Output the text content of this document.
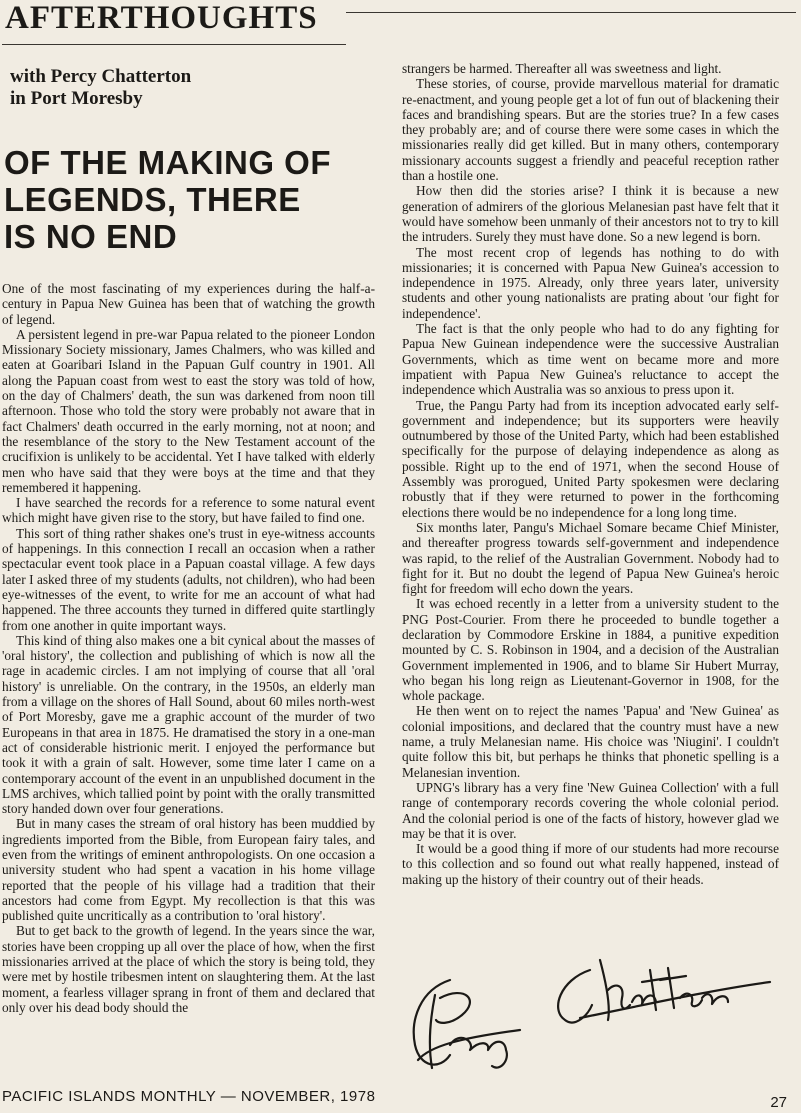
AFTERTHOUGHTS
with Percy Chatterton
in Port Moresby
OF THE MAKING OF
LEGENDS, THERE
IS NO END

One of the most fascinating of my experiences during the half-a-century in Papua New Guinea has been that of watching the growth of legend.

A persistent legend in pre-war Papua related to the pioneer London Missionary Society missionary, James Chalmers, who was killed and eaten at Goaribari Island in the Papuan Gulf country in 1901. All along the Papuan coast from west to east the story was told of how, on the day of Chalmers' death, the sun was darkened from noon till afternoon. Those who told the story were probably not aware that in fact Chalmers' death occurred in the early morning, not at noon; and the resemblance of the story to the New Testament account of the crucifixion is unlikely to be accidental. Yet I have talked with elderly men who have said that they were boys at the time and that they remembered it happening.

I have searched the records for a reference to some natural event which might have given rise to the story, but have failed to find one.

This sort of thing rather shakes one's trust in eye-witness accounts of happenings. In this connection I recall an occasion when a rather spectacular event took place in a Papuan coastal village. A few days later I asked three of my students (adults, not children), who had been eye-witnesses of the event, to write for me an account of what had happened. The three accounts they turned in differed quite startlingly from one another in quite important ways.

This kind of thing also makes one a bit cynical about the masses of 'oral history', the collection and publishing of which is now all the rage in academic circles. I am not implying of course that all 'oral history' is unreliable. On the contrary, in the 1950s, an elderly man from a village on the shores of Hall Sound, about 60 miles north-west of Port Moresby, gave me a graphic account of the murder of two Europeans in that area in 1875. He dramatised the story in a one-man act of considerable histrionic merit. I enjoyed the performance but took it with a grain of salt. However, some time later I came on a contemporary account of the event in an unpublished document in the LMS archives, which tallied point by point with the orally transmitted story handed down over four generations.

But in many cases the stream of oral history has been muddied by ingredients imported from the Bible, from European fairy tales, and even from the writings of eminent anthropologists. On one occasion a university student who had spent a vacation in his home village reported that the people of his village had a tradition that their ancestors had come from Egypt. My recollection is that this was published quite uncritically as a contribution to 'oral history'.

But to get back to the growth of legend. In the years since the war, stories have been cropping up all over the place of how, when the first missionaries arrived at the place of which the story is being told, they were met by hostile tribesmen intent on slaughtering them. At the last moment, a fearless villager sprang in front of them and declared that only over his dead body should the

strangers be harmed. Thereafter all was sweetness and light.

These stories, of course, provide marvellous material for dramatic re-enactment, and young people get a lot of fun out of blackening their faces and brandishing spears. But are the stories true? In a few cases they probably are; and of course there were some cases in which the missionaries really did get killed. But in many others, contemporary missionary accounts suggest a friendly and peaceful reception rather than a hostile one.

How then did the stories arise? I think it is because a new generation of admirers of the glorious Melanesian past have felt that it would have somehow been unmanly of their ancestors not to try to kill the intruders. Surely they must have done. So a new legend is born.

The most recent crop of legends has nothing to do with missionaries; it is concerned with Papua New Guinea's accession to independence in 1975. Already, only three years later, university students and other young nationalists are prating about 'our fight for independence'.

The fact is that the only people who had to do any fighting for Papua New Guinean independence were the successive Australian Governments, which as time went on became more and more impatient with Papua New Guinea's reluctance to accept the independence which Australia was so anxious to press upon it.

True, the Pangu Party had from its inception advocated early self-government and independence; but its supporters were heavily outnumbered by those of the United Party, which had been established specifically for the purpose of delaying independence as along as possible. Right up to the end of 1971, when the second House of Assembly was prorogued, United Party spokesmen were declaring robustly that if they were returned to power in the forthcoming elections there would be no independence for a long long time.

Six months later, Pangu's Michael Somare became Chief Minister, and thereafter progress towards self-government and independence was rapid, to the relief of the Australian Government. Nobody had to fight for it. But no doubt the legend of Papua New Guinea's heroic fight for freedom will echo down the years.

It was echoed recently in a letter from a university student to the PNG Post-Courier. From there he proceeded to bundle together a declaration by Commodore Erskine in 1884, a punitive expedition mounted by C. S. Robinson in 1904, and a decision of the Australian Government implemented in 1906, and to blame Sir Hubert Murray, who began his long reign as Lieutenant-Governor in 1908, for the whole package.

He then went on to reject the names 'Papua' and 'New Guinea' as colonial impositions, and declared that the country must have a new name, a truly Melanesian name. His choice was 'Niugini'. I couldn't quite follow this bit, but perhaps he thinks that phonetic spelling is a Melanesian invention.

UPNG's library has a very fine 'New Guinea Collection' with a full range of contemporary records covering the whole colonial period. And the colonial period is one of the facts of history, however glad we may be that it is over.

It would be a good thing if more of our students had more recourse to this collection and so found out what really happened, instead of making up the history of their country out of their heads.

PACIFIC ISLANDS MONTHLY — NOVEMBER, 1978	27
